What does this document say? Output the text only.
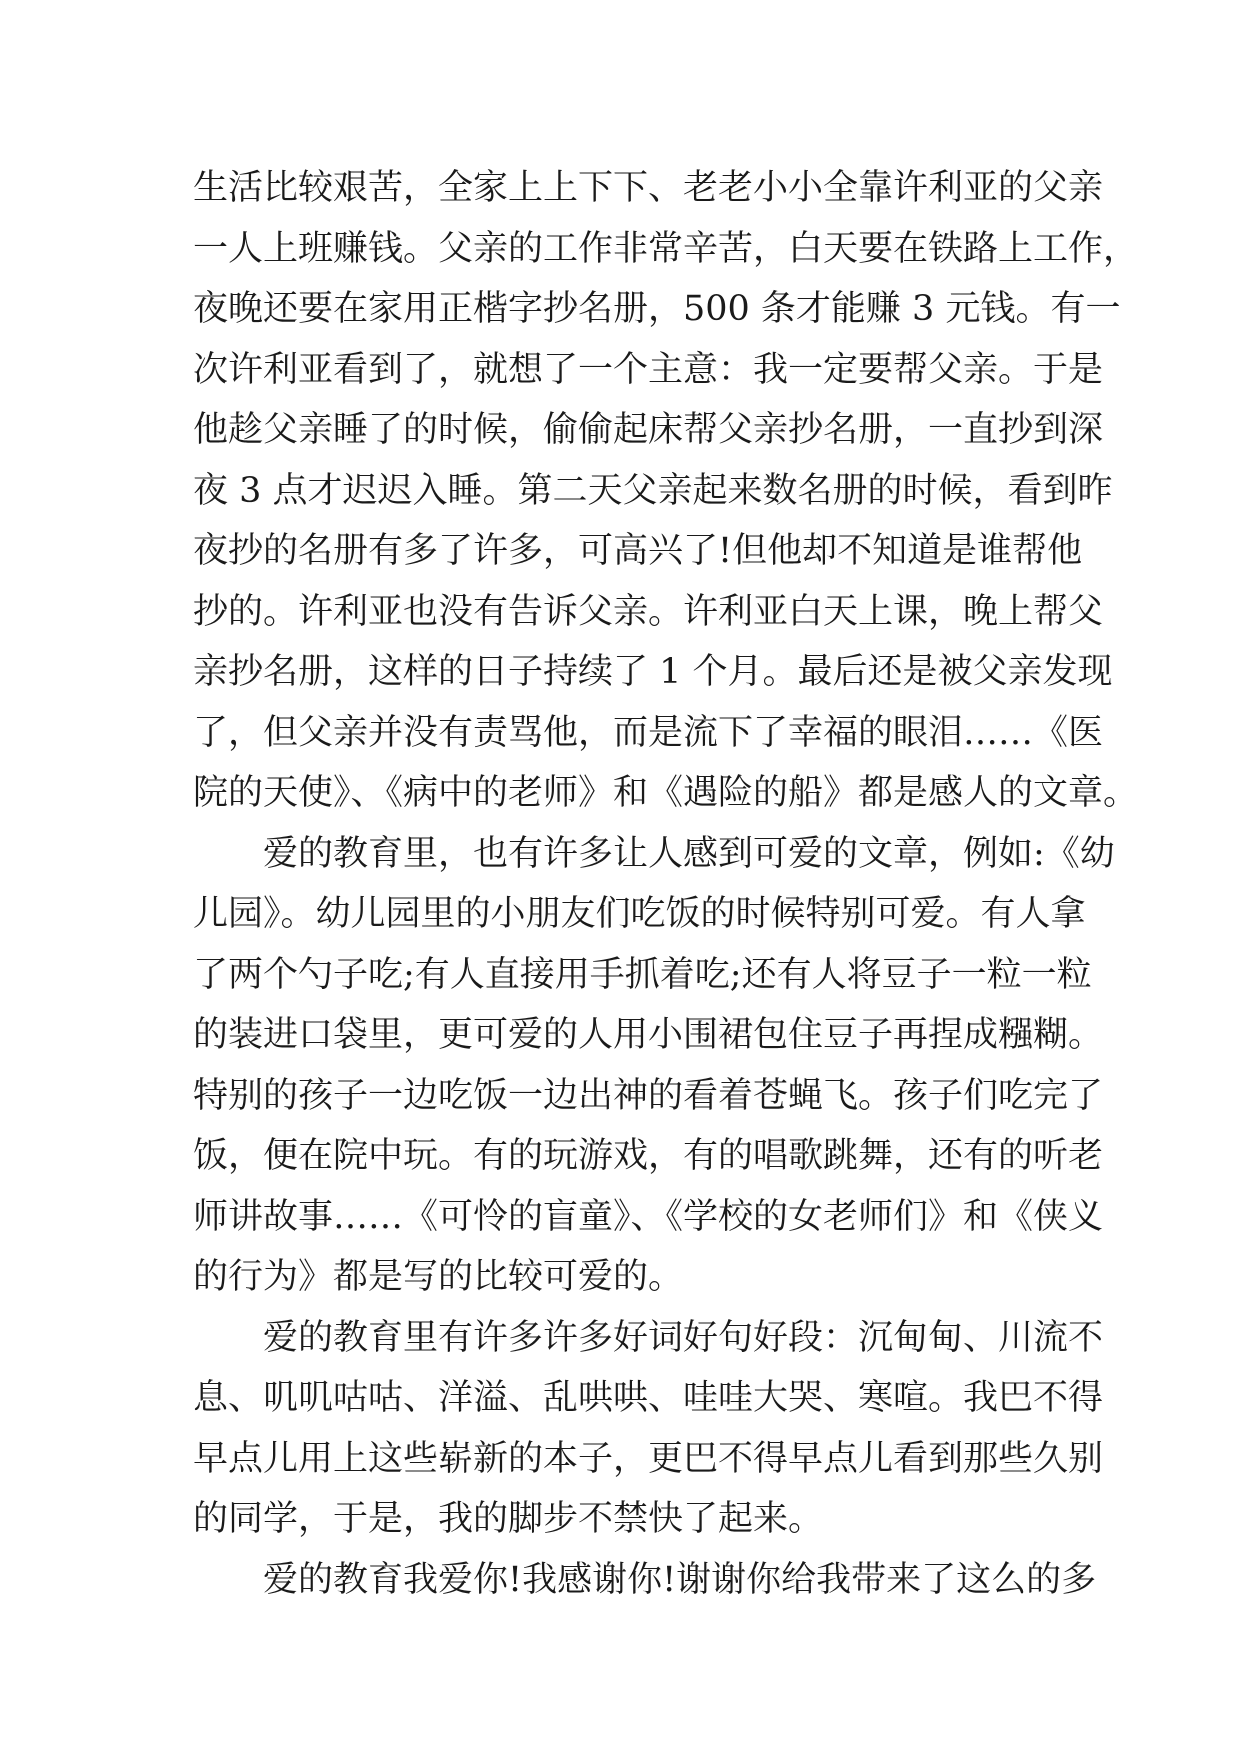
生活比较艰苦，全家上上下下、老老小小全靠许利亚的父亲
一人上班赚钱。父亲的工作非常辛苦，白天要在铁路上工作，
夜晚还要在家用正楷字抄名册，500 条才能赚 3 元钱。有一
次许利亚看到了，就想了一个主意：我一定要帮父亲。于是
他趁父亲睡了的时候，偷偷起床帮父亲抄名册，一直抄到深
夜 3 点才迟迟入睡。第二天父亲起来数名册的时候，看到昨
夜抄的名册有多了许多，可高兴了!但他却不知道是谁帮他
抄的。许利亚也没有告诉父亲。许利亚白天上课，晚上帮父
亲抄名册，这样的日子持续了 1 个月。最后还是被父亲发现
了，但父亲并没有责骂他，而是流下了幸福的眼泪……《医
院的天使》、《病中的老师》和《遇险的船》都是感人的文章。
爱的教育里，也有许多让人感到可爱的文章，例如:《幼
儿园》。幼儿园里的小朋友们吃饭的时候特别可爱。有人拿
了两个勺子吃;有人直接用手抓着吃;还有人将豆子一粒一粒
的装进口袋里，更可爱的人用小围裙包住豆子再捏成糨糊。
特别的孩子一边吃饭一边出神的看着苍蝇飞。孩子们吃完了
饭，便在院中玩。有的玩游戏，有的唱歌跳舞，还有的听老
师讲故事……《可怜的盲童》、《学校的女老师们》和《侠义
的行为》都是写的比较可爱的。
爱的教育里有许多许多好词好句好段：沉甸甸、川流不
息、叽叽咕咕、洋溢、乱哄哄、哇哇大哭、寒喧。我巴不得
早点儿用上这些崭新的本子，更巴不得早点儿看到那些久别
的同学，于是，我的脚步不禁快了起来。
爱的教育我爱你!我感谢你!谢谢你给我带来了这么的多
